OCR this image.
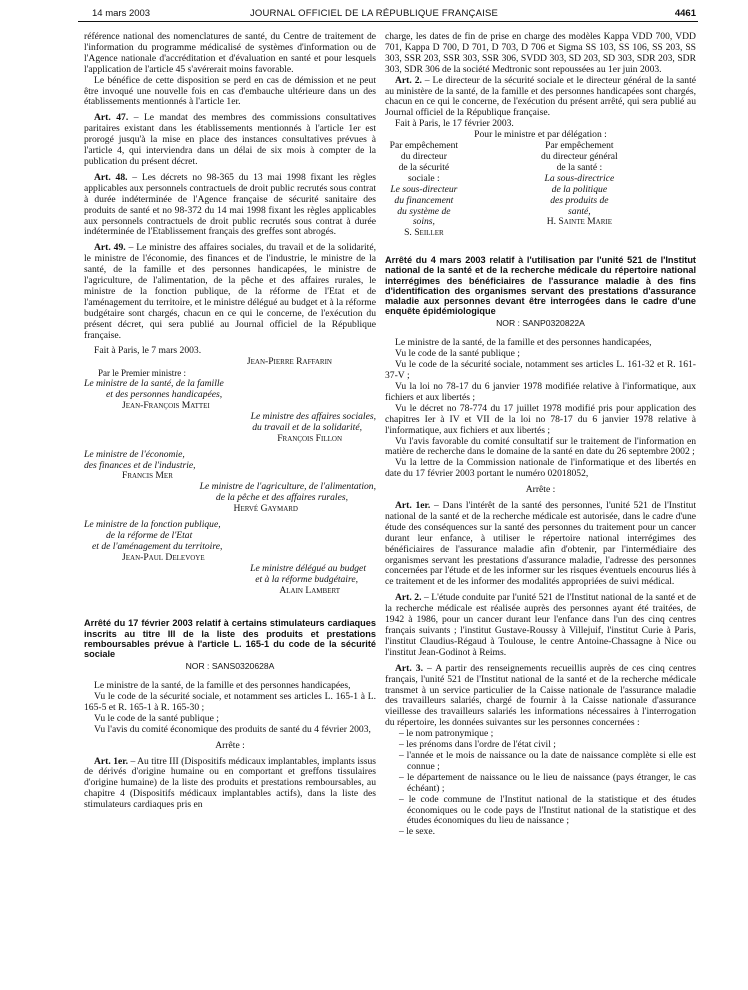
14 mars 2003	JOURNAL OFFICIEL DE LA RÉPUBLIQUE FRANÇAISE	4461

référence national des nomenclatures de santé, du Centre de traitement de l'information du programme médicalisé de systèmes d'information ou de l'Agence nationale d'accréditation et d'évaluation en santé et pour lesquels l'application de l'article 45 s'avérerait moins favorable.

Le bénéfice de cette disposition se perd en cas de démission et ne peut être invoqué une nouvelle fois en cas d'embauche ultérieure dans un des établissements mentionnés à l'article 1er.

Art. 47. – Le mandat des membres des commissions consultatives paritaires existant dans les établissements mentionnés à l'article 1er est prorogé jusqu'à la mise en place des instances consultatives prévues à l'article 4, qui interviendra dans un délai de six mois à compter de la publication du présent décret.

Art. 48. – Les décrets no 98-365 du 13 mai 1998 fixant les règles applicables aux personnels contractuels de droit public recrutés sous contrat à durée indéterminée de l'Agence française de sécurité sanitaire des produits de santé et no 98-372 du 14 mai 1998 fixant les règles applicables aux personnels contractuels de droit public recrutés sous contrat à durée indéterminée de l'Etablissement français des greffes sont abrogés.

Art. 49. – Le ministre des affaires sociales, du travail et de la solidarité, le ministre de l'économie, des finances et de l'industrie, le ministre de la santé, de la famille et des personnes handicapées, le ministre de l'agriculture, de l'alimentation, de la pêche et des affaires rurales, le ministre de la fonction publique, de la réforme de l'Etat et de l'aménagement du territoire, et le ministre délégué au budget et à la réforme budgétaire sont chargés, chacun en ce qui le concerne, de l'exécution du présent décret, qui sera publié au Journal officiel de la République française.

Fait à Paris, le 7 mars 2003.

Jean-Pierre Raffarin

Par le Premier ministre :

Le ministre de la santé, de la famille

et des personnes handicapées,

Jean-François Mattei

Le ministre des affaires sociales,

du travail et de la solidarité,

François Fillon

Le ministre de l'économie,

des finances et de l'industrie,

Francis Mer

Le ministre de l'agriculture, de l'alimentation,

de la pêche et des affaires rurales,

Hervé Gaymard

Le ministre de la fonction publique,

de la réforme de l'Etat

et de l'aménagement du territoire,

Jean-Paul Delevoye

Le ministre délégué au budget

et à la réforme budgétaire,

Alain Lambert

Arrêté du 17 février 2003 relatif à certains stimulateurs cardiaques inscrits au titre III de la liste des produits et prestations remboursables prévue à l'article L. 165-1 du code de la sécurité sociale

NOR : SANS0320628A

Le ministre de la santé, de la famille et des personnes handicapées,

Vu le code de la sécurité sociale, et notamment ses articles L. 165-1 à L. 165-5 et R. 165-1 à R. 165-30 ;

Vu le code de la santé publique ;

Vu l'avis du comité économique des produits de santé du 4 février 2003,

Arrête :

Art. 1er. – Au titre III (Dispositifs médicaux implantables, implants issus de dérivés d'origine humaine ou en comportant et greffons tissulaires d'origine humaine) de la liste des produits et prestations remboursables, au chapitre 4 (Dispositifs médicaux implantables actifs), dans la liste des stimulateurs cardiaques pris en

charge, les dates de fin de prise en charge des modèles Kappa VDD 700, VDD 701, Kappa D 700, D 701, D 703, D 706 et Sigma SS 103, SS 106, SS 203, SS 303, SSR 203, SSR 303, SSR 306, SVDD 303, SD 203, SD 303, SDR 203, SDR 303, SDR 306 de la société Medtronic sont repoussées au 1er juin 2003.

Art. 2. – Le directeur de la sécurité sociale et le directeur général de la santé au ministère de la santé, de la famille et des personnes handicapées sont chargés, chacun en ce qui le concerne, de l'exécution du présent arrêté, qui sera publié au Journal officiel de la République française.

Fait à Paris, le 17 février 2003.

Pour le ministre et par délégation :

Par empêchement du directeur
de la sécurité sociale :
Le sous-directeur
du financement
du système de soins,
S. Seiller
Par empêchement
du directeur général de la santé :
La sous-directrice
de la politique
des produits de santé,
H. Sainte Marie

Arrêté du 4 mars 2003 relatif à l'utilisation par l'unité 521 de l'Institut national de la santé et de la recherche médicale du répertoire national interrégimes des bénéficiaires de l'assurance maladie à des fins d'identification des organismes servant des prestations d'assurance maladie aux personnes devant être interrogées dans le cadre d'une enquête épidémiologique

NOR : SANP0320822A

Le ministre de la santé, de la famille et des personnes handicapées,

Vu le code de la santé publique ;

Vu le code de la sécurité sociale, notamment ses articles L. 161-32 et R. 161-37-V ;

Vu la loi no 78-17 du 6 janvier 1978 modifiée relative à l'informatique, aux fichiers et aux libertés ;

Vu le décret no 78-774 du 17 juillet 1978 modifié pris pour application des chapitres Ier à IV et VII de la loi no 78-17 du 6 janvier 1978 relative à l'informatique, aux fichiers et aux libertés ;

Vu l'avis favorable du comité consultatif sur le traitement de l'information en matière de recherche dans le domaine de la santé en date du 26 septembre 2002 ;

Vu la lettre de la Commission nationale de l'informatique et des libertés en date du 17 février 2003 portant le numéro 02018052,

Arrête :

Art. 1er. – Dans l'intérêt de la santé des personnes, l'unité 521 de l'Institut national de la santé et de la recherche médicale est autorisée, dans le cadre d'une étude des conséquences sur la santé des personnes du traitement pour un cancer durant leur enfance, à utiliser le répertoire national interrégimes des bénéficiaires de l'assurance maladie afin d'obtenir, par l'intermédiaire des organismes servant les prestations d'assurance maladie, l'adresse des personnes concernées par l'étude et de les informer sur les risques éventuels encourus liés à ce traitement et de les informer des modalités appropriées de suivi médical.

Art. 2. – L'étude conduite par l'unité 521 de l'Institut national de la santé et de la recherche médicale est réalisée auprès des personnes ayant été traitées, de 1942 à 1986, pour un cancer durant leur l'enfance dans l'un des cinq centres français suivants ; l'institut Gustave-Roussy à Villejuif, l'institut Curie à Paris, l'institut Claudius-Régaud à Toulouse, le centre Antoine-Chassagne à Nice ou l'institut Jean-Godinot à Reims.

Art. 3. – A partir des renseignements recueillis auprès de ces cinq centres français, l'unité 521 de l'Institut national de la santé et de la recherche médicale transmet à un service particulier de la Caisse nationale de l'assurance maladie des travailleurs salariés, chargé de fournir à la Caisse nationale d'assurance vieillesse des travailleurs salariés les informations nécessaires à l'interrogation du répertoire, les données suivantes sur les personnes concernées :

– le nom patronymique ;
– les prénoms dans l'ordre de l'état civil ;
– l'année et le mois de naissance ou la date de naissance complète si elle est connue ;
– le département de naissance ou le lieu de naissance (pays étranger, le cas échéant) ;
– le code commune de l'Institut national de la statistique et des études économiques ou le code pays de l'Institut national de la statistique et des études économiques du lieu de naissance ;
– le sexe.
